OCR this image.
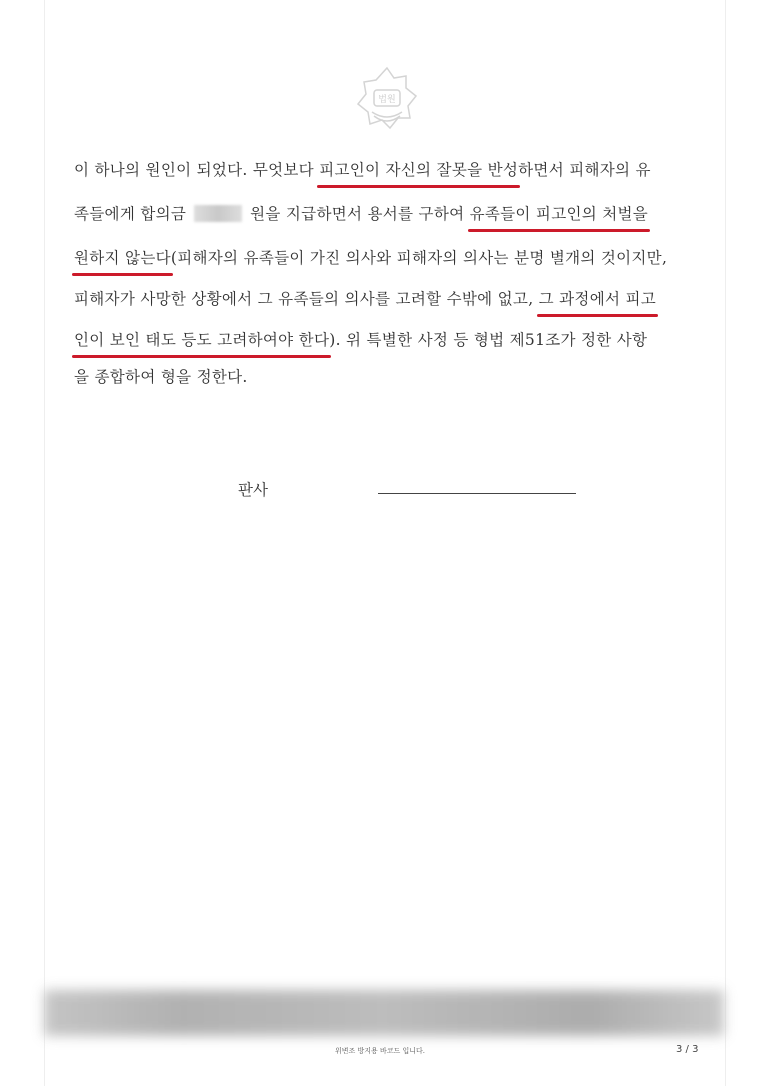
법원
이 하나의 원인이 되었다. 무엇보다 피고인이 자신의 잘못을 반성하면서 피해자의 유
족들에게 합의금	원을 지급하면서 용서를 구하여 유족들이 피고인의 처벌을
원하지 않는다(피해자의 유족들이 가진 의사와 피해자의 의사는 분명 별개의 것이지만,
피해자가 사망한 상황에서 그 유족들의 의사를 고려할 수밖에 없고, 그 과정에서 피고
인이 보인 태도 등도 고려하여야 한다). 위 특별한 사정 등 형법 제51조가 정한 사항
을 종합하여 형을 정한다.
판사
위변조 방지용 바코드 입니다.	3 / 3
